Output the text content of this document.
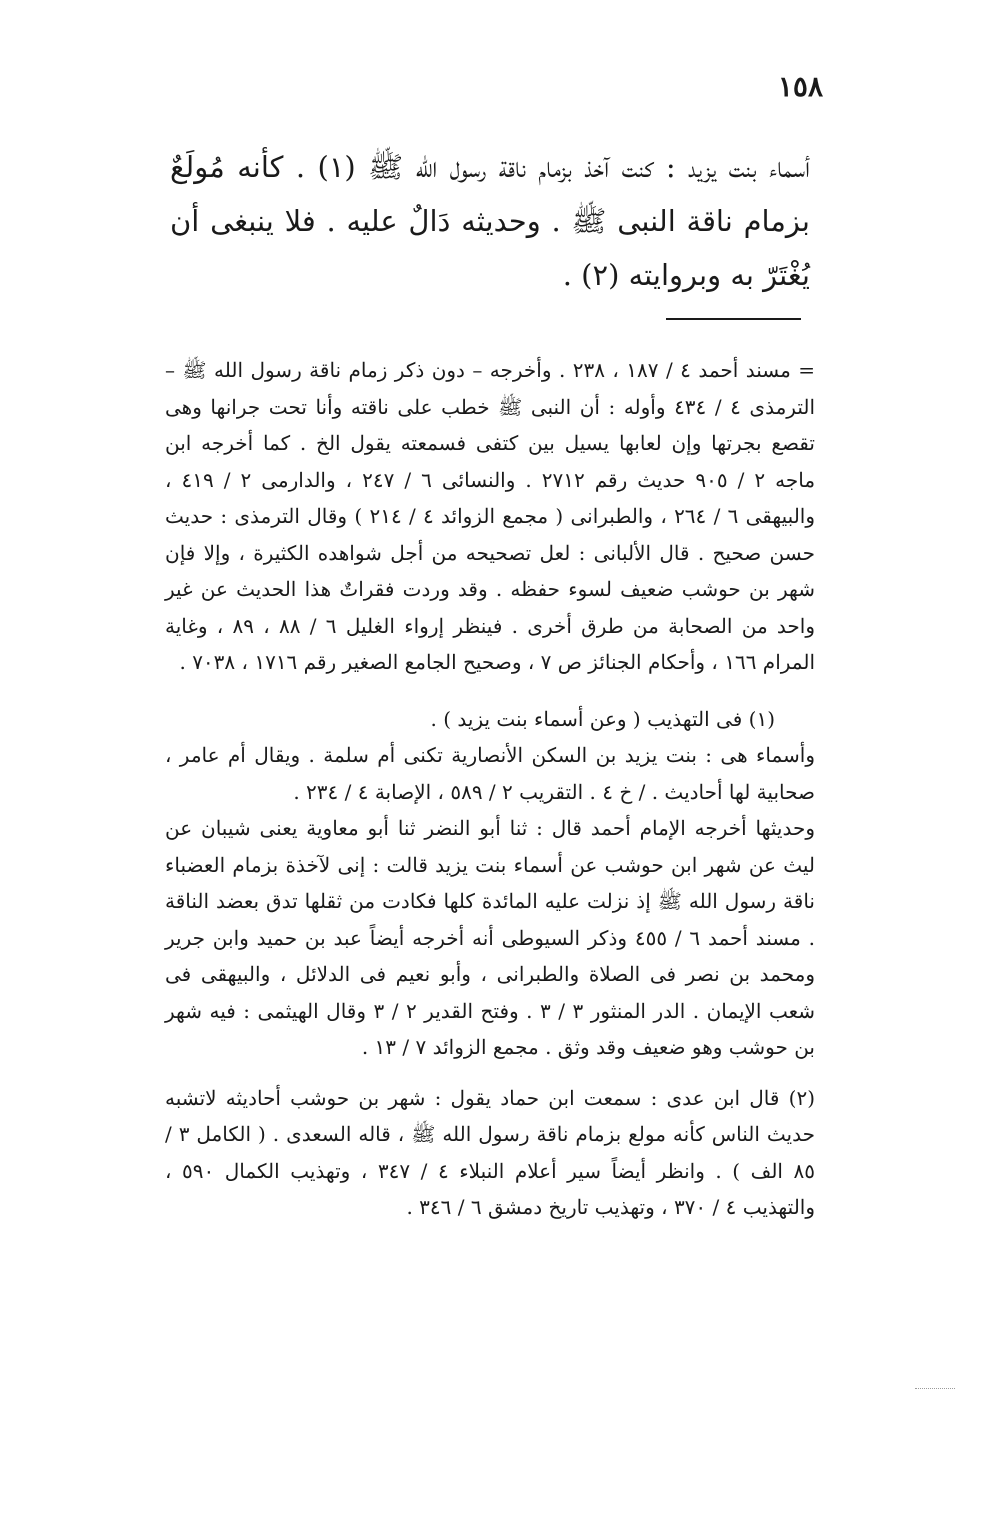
١٥٨

أسماء بنت يزيد : كنت آخذ بزمام ناقة رسول الله ﷺ (١) . كأنه مُولَعٌ بزمام ناقة النبى ﷺ . وحديثه دَالٌ عليه . فلا ينبغى أن يُغْتَرّ به وبروايته (٢) .

= مسند أحمد ٤ / ١٨٧ ، ٢٣٨ . وأخرجه – دون ذكر زمام ناقة رسول الله ﷺ – الترمذى ٤ / ٤٣٤ وأوله : أن النبى ﷺ خطب على ناقته وأنا تحت جرانها وهى تقصع بجرتها وإن لعابها يسيل بين كتفى فسمعته يقول الخ . كما أخرجه ابن ماجه ٢ / ٩٠٥ حديث رقم ٢٧١٢ . والنسائى ٦ / ٢٤٧ ، والدارمى ٢ / ٤١٩ ، والبيهقى ٦ / ٢٦٤ ، والطبرانى ( مجمع الزوائد ٤ / ٢١٤ ) وقال الترمذى : حديث حسن صحيح . قال الألبانى : لعل تصحيحه من أجل شواهده الكثيرة ، وإلا فإن شهر بن حوشب ضعيف لسوء حفظه . وقد وردت فقراتٌ هذا الحديث عن غير واحد من الصحابة من طرق أخرى . فينظر إرواء الغليل ٦ / ٨٨ ، ٨٩ ، وغاية المرام ١٦٦ ، وأحكام الجنائز ص ٧ ، وصحيح الجامع الصغير رقم ١٧١٦ ، ٧٠٣٨ .

(١) فى التهذيب ( وعن أسماء بنت يزيد ) .

وأسماء هى : بنت يزيد بن السكن الأنصارية تكنى أم سلمة . ويقال أم عامر ، صحابية لها أحاديث . / خ ٤ . التقريب ٢ / ٥٨٩ ، الإصابة ٤ / ٢٣٤ .

وحديثها أخرجه الإمام أحمد قال : ثنا أبو النضر ثنا أبو معاوية يعنى شيبان عن ليث عن شهر ابن حوشب عن أسماء بنت يزيد قالت : إنى لآخذة بزمام العضباء ناقة رسول الله ﷺ إذ نزلت عليه المائدة كلها فكادت من ثقلها تدق بعضد الناقة . مسند أحمد ٦ / ٤٥٥ وذكر السيوطى أنه أخرجه أيضاً عبد بن حميد وابن جرير ومحمد بن نصر فى الصلاة والطبرانى ، وأبو نعيم فى الدلائل ، والبيهقى فى شعب الإيمان . الدر المنثور ٣ / ٣ . وفتح القدير ٢ / ٣ وقال الهيثمى : فيه شهر بن حوشب وهو ضعيف وقد وثق . مجمع الزوائد ٧ / ١٣ .

(٢) قال ابن عدى : سمعت ابن حماد يقول : شهر بن حوشب أحاديثه لاتشبه حديث الناس كأنه مولع بزمام ناقة رسول الله ﷺ ، قاله السعدى . ( الكامل ٣ / ٨٥ الف ) . وانظر أيضاً سير أعلام النبلاء ٤ / ٣٤٧ ، وتهذيب الكمال ٥٩٠ ، والتهذيب ٤ / ٣٧٠ ، وتهذيب تاريخ دمشق ٦ / ٣٤٦ .
